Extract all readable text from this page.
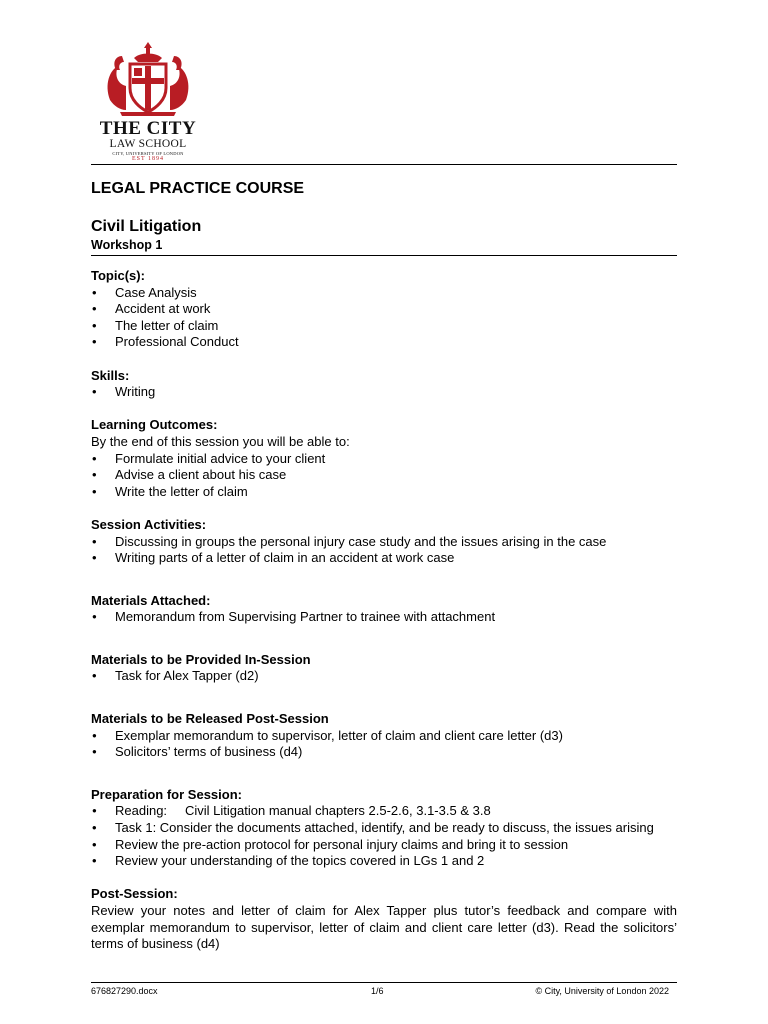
THE CITY
LAW SCHOOL
CITY, UNIVERSITY OF LONDON
EST 1894
LEGAL PRACTICE COURSE
Civil Litigation
Workshop 1

Topic(s):

• Case Analysis
• Accident at work
• The letter of claim
• Professional Conduct

Skills:

• Writing

Learning Outcomes:

By the end of this session you will be able to:

• Formulate initial advice to your client
• Advise a client about his case
• Write the letter of claim

Session Activities:

• Discussing in groups the personal injury case study and the issues arising in the case
• Writing parts of a letter of claim in an accident at work case

Materials Attached:

● Memorandum from Supervising Partner to trainee with attachment

Materials to be Provided In-Session

• Task for Alex Tapper (d2)

Materials to be Released Post-Session

● Exemplar memorandum to supervisor, letter of claim and client care letter (d3)
● Solicitors’ terms of business (d4)

Preparation for Session:

● Reading: Civil Litigation manual chapters 2.5-2.6, 3.1-3.5 & 3.8
• Task 1: Consider the documents attached, identify, and be ready to discuss, the issues arising
• Review the pre-action protocol for personal injury claims and bring it to session
• Review your understanding of the topics covered in LGs 1 and 2

Post-Session:

Review your notes and letter of claim for Alex Tapper plus tutor’s feedback and compare with exemplar memorandum to supervisor, letter of claim and client care letter (d3). Read the solicitors’ terms of business (d4)

676827290.docx	1/6	© City, University of London 2022
